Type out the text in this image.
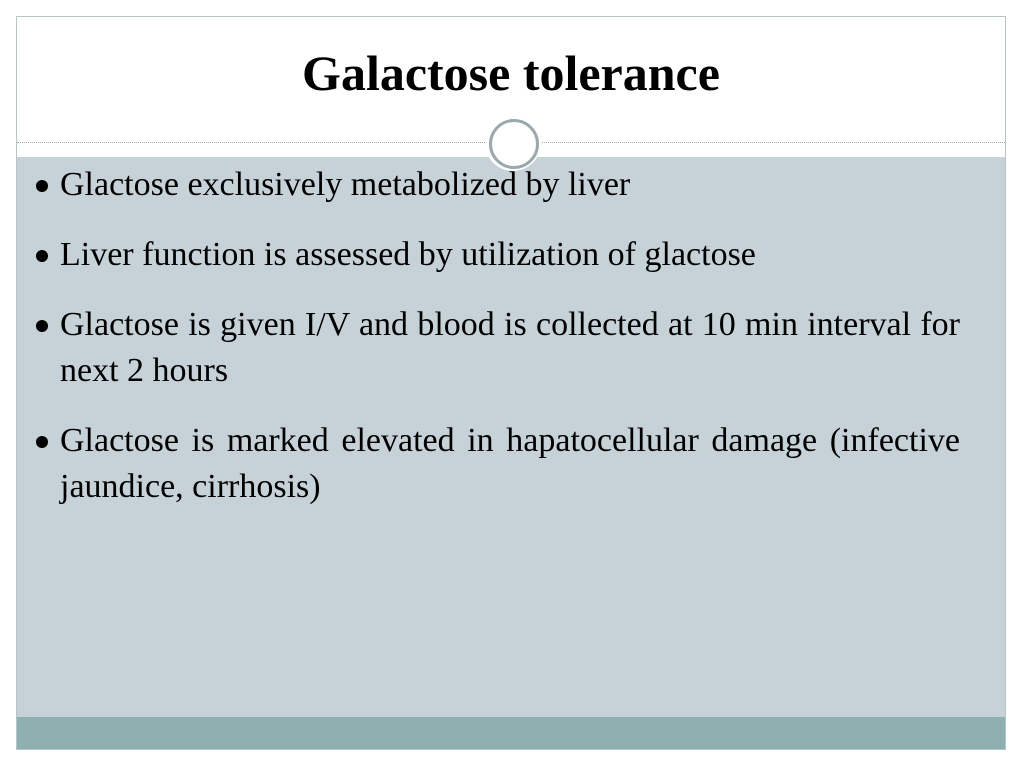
Galactose tolerance
Glactose exclusively metabolized by liver
Liver function is assessed by utilization of glactose
Glactose is given I/V and blood is collected at 10 min interval for next 2 hours
Glactose is marked elevated in hapatocellular damage (infective jaundice, cirrhosis)
